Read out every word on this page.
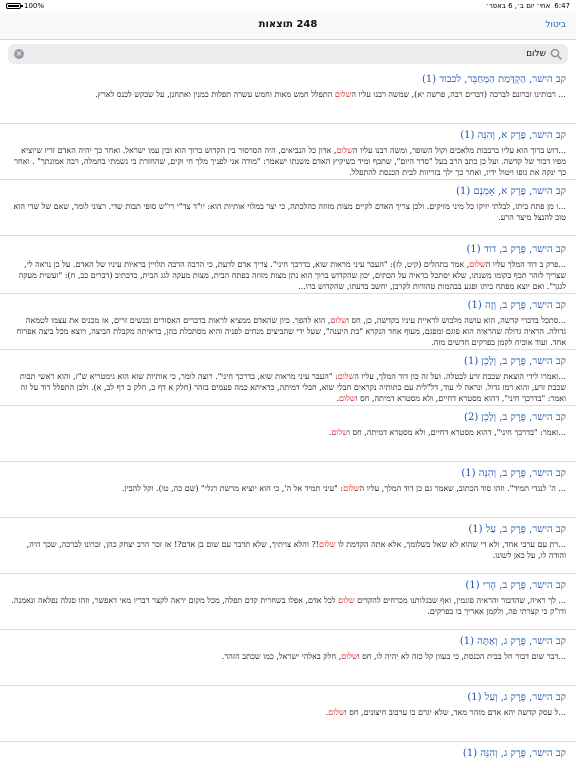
100%	6:47
אחי׳ יום ב׳, 6 באפר׳
248 תוצאות	ביטול
שלום
×
קב הישר, הַקְדָּמַת הַמְּחַבֵּר, לכבוד (1)
... רבותינו זכרונם לברכה (דברים רבה, פרשה יא), שמשה רבנו עליו השלום התפלל חמש מאות וחמש עשרה תפלות כמנין ואתחנן, על שבקש לכנס לארץ.
קב הישר, פֶּרֶק א, וְהִנֵּה (1)
...דוש ברוך הוא עליו ברבבות מלאכים וקול השופר, ומשה רבנו עליו השלום, אדון כל הנביאים, היה הסרסור בין הקדוש ברוך הוא ובין עמו ישראל. ואחר כך יהיה האדם זריז שיוציא מפיו דבור של קדשה. ועל כן כתב הרב בעל "סדר היום", שתכף ומיד כשיקיץ האדם משנתו ישאמר: "מודה אני לפניך מלך חי וקים, שהחזרת בי נשמתי בחמלה, רבה אמונתך" . ואחר כך ינקה את גופו ויטול ידיו, ואחר כך ילך בזריזות לבית הכנסת להתפלל.
קב הישר, פֶּרֶק א, אָמְנָם (1)
...ו מן פתח ביתו, לבלתי יזיקו כל מיני מזיקים. ולכן צריך האדם לקיים מצות מזוזה כהלכתה, כי יצר במלוי אותיות הוא: יו"ד צד"י רי"ש סופי תבות שדי. רצוני לומר, שאם של שדי הוא טוב להנצל מיצר הרע.
קב הישר, פֶּרֶק ב, דוד (1)
...פרק ב דוד המלך עליו השלום, אמר בתהלים (קיט, לז): "העבר עיני מראות שוא, בדרכך חיני". צריך אדם לדעת, כי הרבה הרבה תלויין בראיות עיניו של האדם. על כן נראה לי, שצריך לזהר תכף בקומו משנתו, שלא יסתכל בראיה על הכתים, יכון שהקדוש ברוך הוא נתן מצות מזוזה בפתח הבית, מצות מעקה לגג הבית, כדכתיב (דברים כב, ח): "ועשית מעקה לגגך". ואם יוצא מפתח ביתו ופגע בבהמות טהורות לקרבן, יחשב בדעתו, שהקדוש ברו...
קב הישר, פֶּרֶק ב, וְזֶה (1)
...סתכל בדברי קדשה, הוא עושה מלבוש לראיית עיניו בקדשה, כן, חס ושלום, הוא להפך. כיון שהאדם ממציא לראות בדברים האסורים ובנשים זרים, אז מכניס את עצמו לטמאה גדולה. הראיה גדולה שהראיה הוא פוגם ומפגם, מעוף אחד הנקרא "בת היענה", שעל ידי שהביצים מנחים לפניה והיא מסתכלת בהן, בראיתה מקבלת הביצה, ויוצא מכל ביצה אפרוח אחד. ועוד אוכיח לקמן בפרקים חדשים מזה.
קב הישר, פֶּרֶק ב, וְלָכֵן (1)
...ואמרו לידי הוצאת שכבת זרע לבטלה. ועל זה כון דוד המלך, עליו השלום: "העבר עיני מראות שוא, בדרכך חיני". רוצה לומר, כי אותיות שוא הוא גימטריא ש"ז, והוא ראשי תבות שכבת זרע, והוא רמז גדול. ונראה לי עוד, דל"לית עם כתותיה נקראים חבלי שוא, חבלי דמיתה, כדאיתא כמה פעמים בזהר (חלק א דף ב, חלק ב דף לב, א). ולכן התפלל דוד על זה ואמר: "בדרכך חיני", דהוא מסטרא דחיים, ולא מסטרא דמיתה, חס ושלום.
קב הישר, פֶּרֶק ב, וְלָכֵן (2)
...ואמר: "בדרכך חיני", דהוא מסטרא דחיים, ולא מסטרא דמיתה, חס ושלום.
קב הישר, פֶּרֶק ב, וְהִנֵּה (1)
... ה' לנגדי תמיד". וזהו סוד הכתוב, שאמר גם כן דוד המלך, עליו השלום: "עיני תמיד אל ה', כי הוא יוציא מרשת רגלי" (שם כה, טו). וקל להבין.
קב הישר, פֶּרֶק ב, עַל (1)
...רת עם ערבי אחד, ולא די שהוא לא שאל בשלומך, אלא אתה הקדמת לו שלום!? והלא צויתיך, שלא תדבר עם שום בן אדם?! אז זכר הרב יצחק כהן, זכרונו לברכה, שכך היה, והודה לו, על כאן לשונו.
קב הישר, פֶּרֶק ב, הָרִי (1)
... לך ראיה, שהדבור והראיה פוגמין, ואף שבגלותנו מכרחים להקדים שלום לכל אדם, אפלו בשחרית קדם תפלה, מכל מקום יראה לקצר דבריו מאי דאפשר, וזהו סגלה נפלאה ונאמנה. ודו"ק כי קצרתי פה, ולקמן אאריך בו בפרקים.
קב הישר, פֶּרֶק ג, וְאַתָּה (1)
...דבר שום דבור חל בבית הכנסת, כי בעוון קל כזה לא יהיה לו, חס ושלום, חלק באלהי ישראל, כמו שכתב הזהר.
קב הישר, פֶּרֶק ג, וְעַל (1)
...ל עסק קדשה יהא אדם מזהר מאד, שלא יגרם בו ערבוב חיצונים, חס ושלום.
קב הישר, פֶּרֶק ג, וְהִנֵּה (1)
